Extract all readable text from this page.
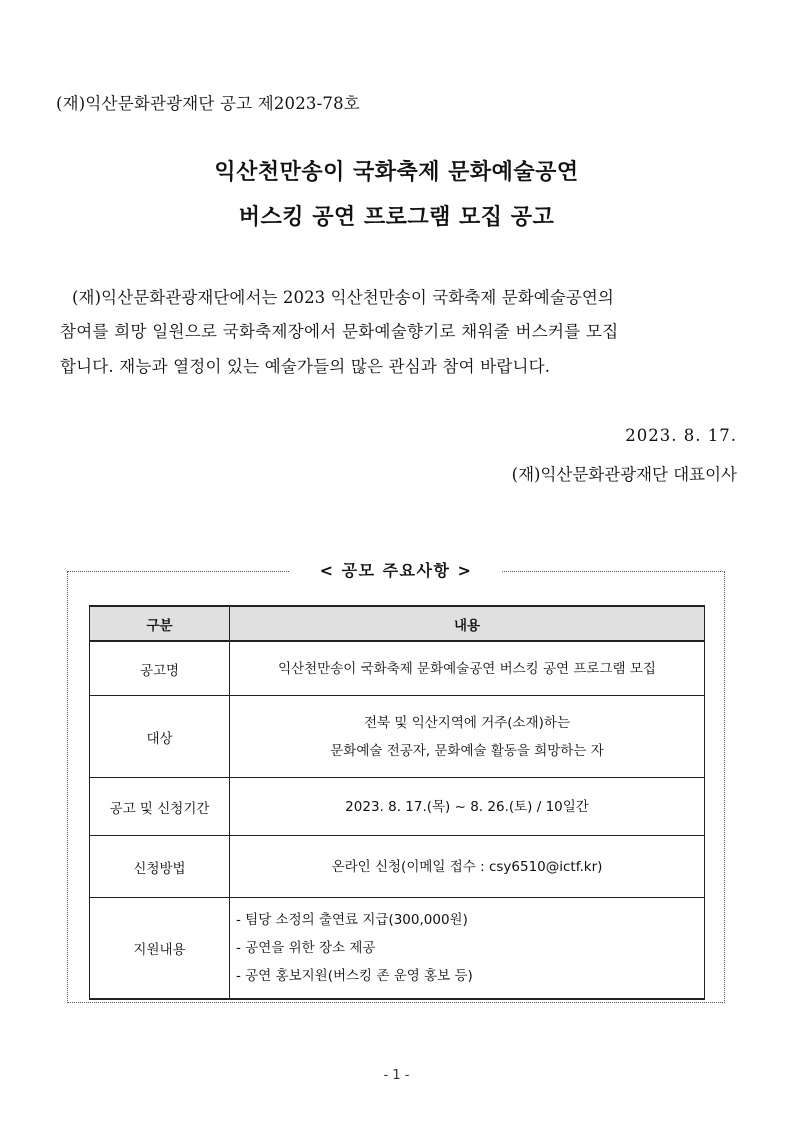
(재)익산문화관광재단 공고 제2023-78호
익산천만송이 국화축제 문화예술공연
버스킹 공연 프로그램 모집 공고
(재)익산문화관광재단에서는 2023 익산천만송이 국화축제 문화예술공연의
참여를 희망 일원으로 국화축제장에서 문화예술향기로 채워줄 버스커를 모집
합니다. 재능과 열정이 있는 예술가들의 많은 관심과 참여 바랍니다.
2023. 8. 17.
(재)익산문화관광재단 대표이사
< 공모 주요사항 >
구분	내용
공고명	익산천만송이 국화축제 문화예술공연 버스킹 공연 프로그램 모집

대상	전북 및 익산지역에 거주(소재)하는
문화예술 전공자, 문화예술 활동을 희망하는 자

공고 및 신청기간	2023. 8. 17.(목) ~ 8. 26.(토) / 10일간

신청방법	온라인 신청(이메일 접수 : csy6510@ictf.kr)

지원내용	- 팀당 소정의 출연료 지급(300,000원)
- 공연을 위한 장소 제공
- 공연 홍보지원(버스킹 존 운영 홍보 등)
- 1 -
